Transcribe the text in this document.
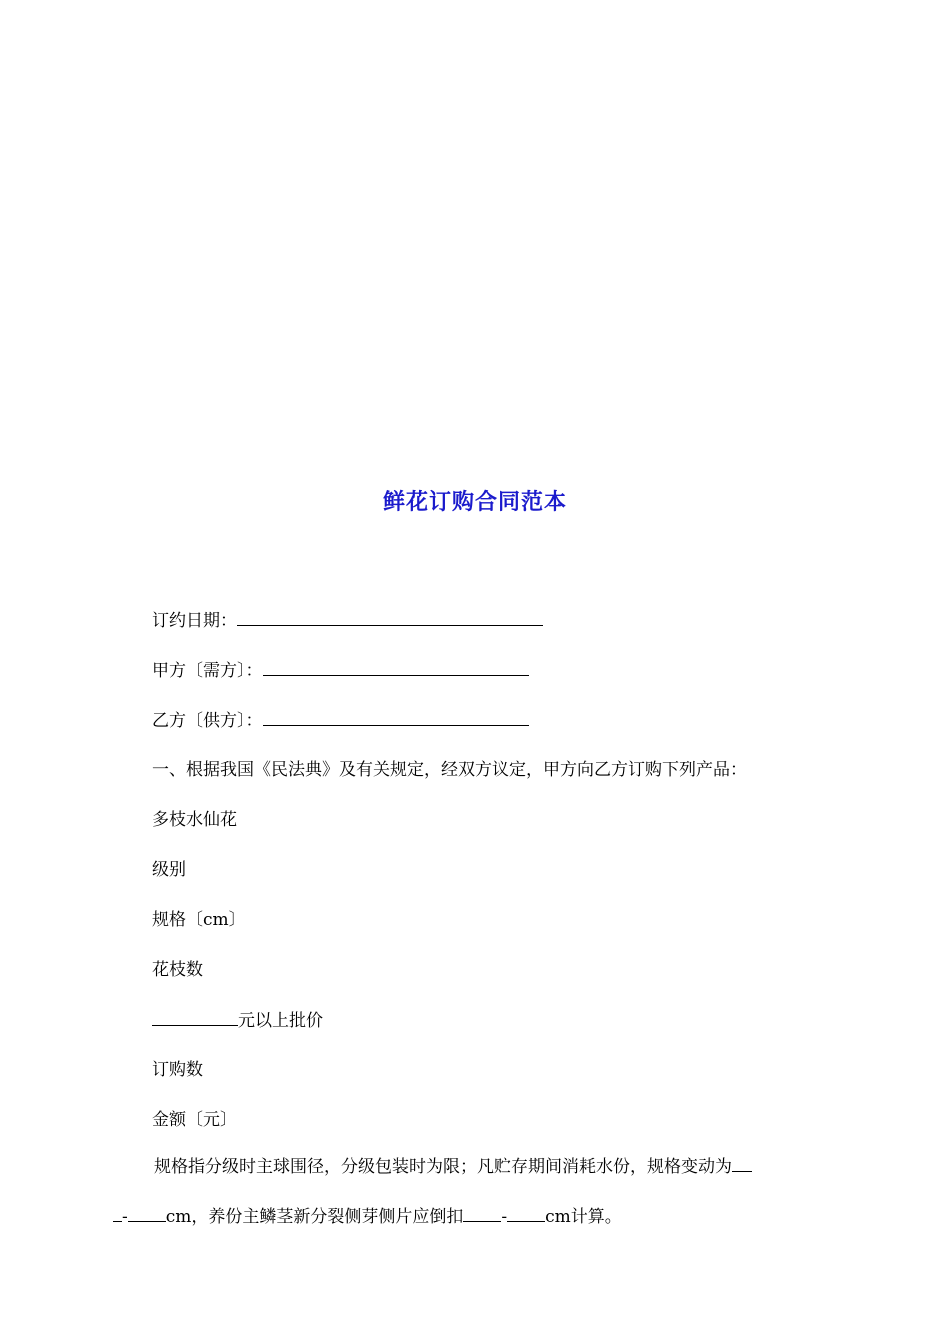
鲜花订购合同范本
订约日期：
甲方〔需方〕：
乙方〔供方〕：
一、根据我国《民法典》及有关规定，经双方议定，甲方向乙方订购下列产品：
多枝水仙花
级别
规格〔cm〕
花枝数
元以上批价
订购数
金额〔元〕
规格指分级时主球围径，分级包装时为限；凡贮存期间消耗水份，规格变动为
- cm，养份主鳞茎新分裂侧芽侧片应倒扣 - cm计算。
